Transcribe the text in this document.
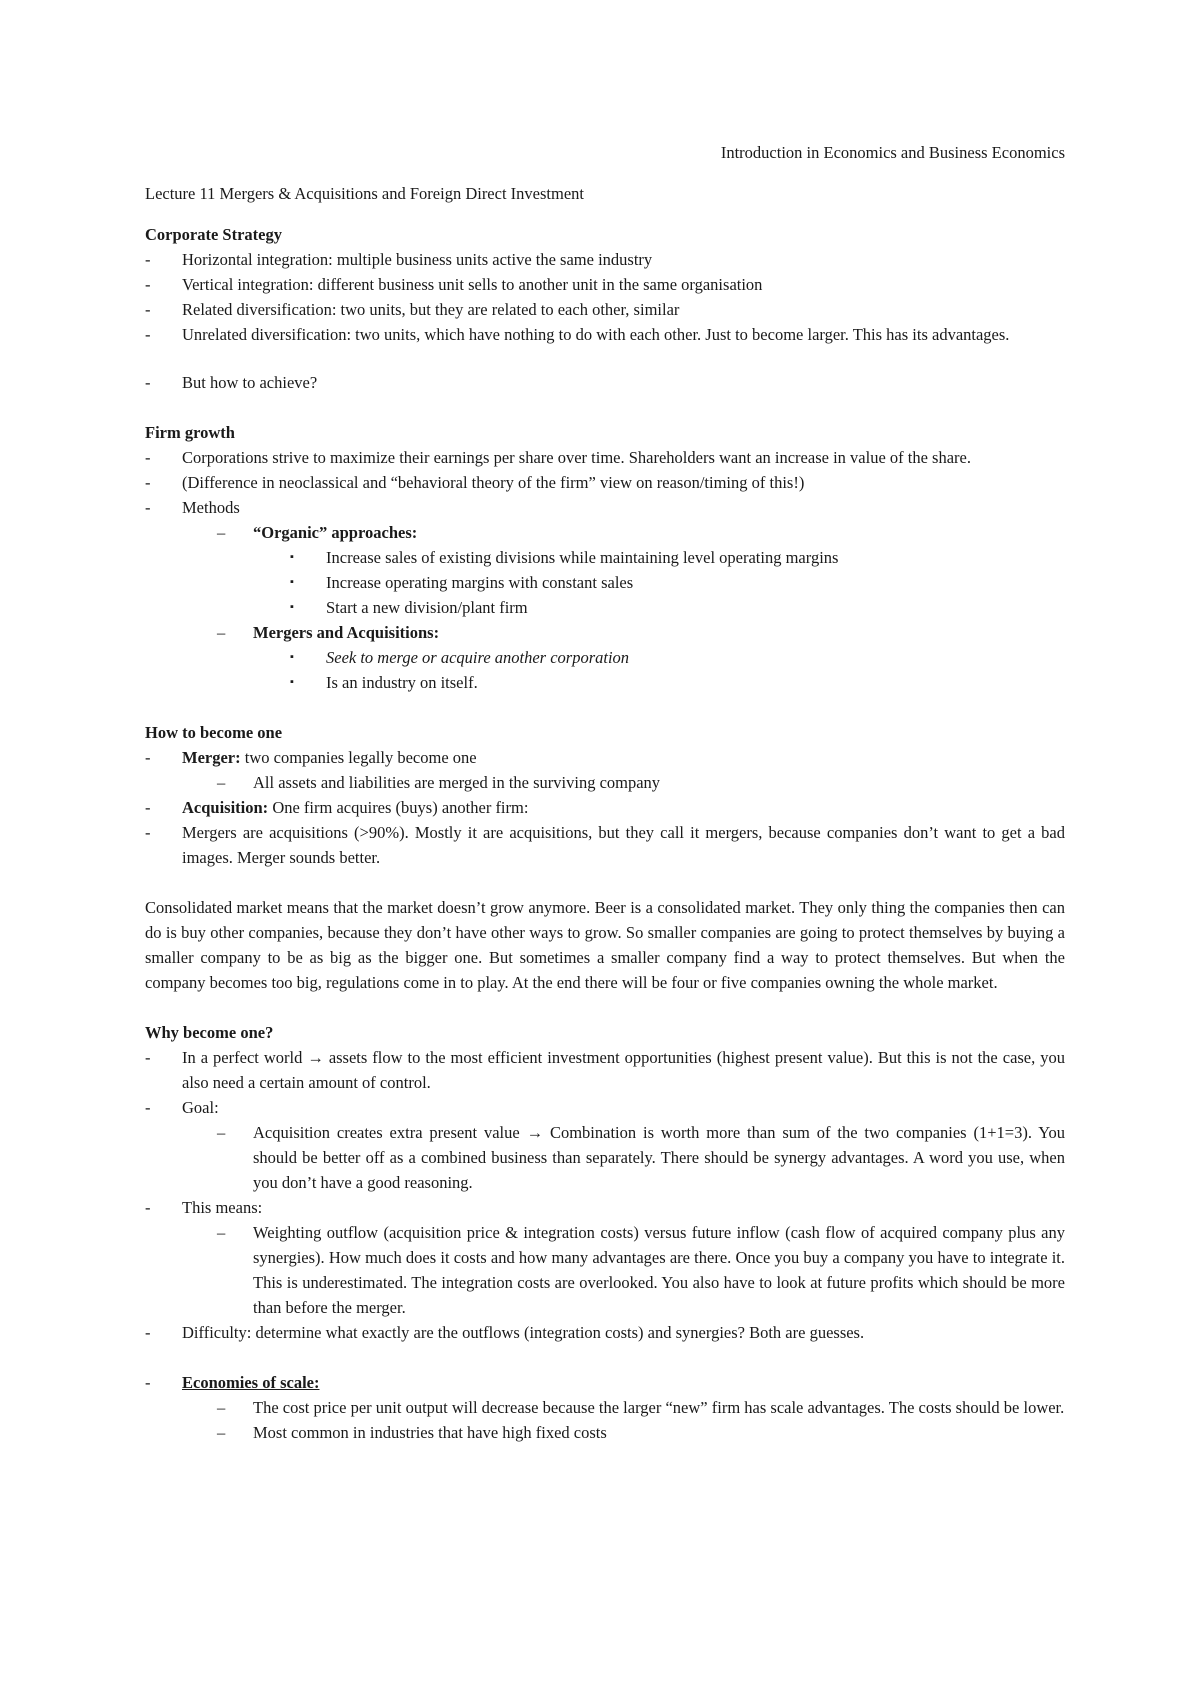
Introduction in Economics and Business Economics
Lecture 11 Mergers & Acquisitions and Foreign Direct Investment
Corporate Strategy
- Horizontal integration: multiple business units active the same industry
- Vertical integration: different business unit sells to another unit in the same organisation
- Related diversification: two units, but they are related to each other, similar
- Unrelated diversification: two units, which have nothing to do with each other. Just to become larger. This has its advantages.
- But how to achieve?
Firm growth
- Corporations strive to maximize their earnings per share over time. Shareholders want an increase in value of the share.
- (Difference in neoclassical and “behavioral theory of the firm” view on reason/timing of this!)
- Methods
– “Organic” approaches:
▪ Increase sales of existing divisions while maintaining level operating margins
▪ Increase operating margins with constant sales
▪ Start a new division/plant firm
– Mergers and Acquisitions:
▪ Seek to merge or acquire another corporation
▪ Is an industry on itself.
How to become one
- Merger: two companies legally become one
– All assets and liabilities are merged in the surviving company
- Acquisition: One firm acquires (buys) another firm:
- Mergers are acquisitions (>90%). Mostly it are acquisitions, but they call it mergers, because companies don’t want to get a bad images. Merger sounds better.
Consolidated market means that the market doesn’t grow anymore. Beer is a consolidated market. They only thing the companies then can do is buy other companies, because they don’t have other ways to grow. So smaller companies are going to protect themselves by buying a smaller company to be as big as the bigger one. But sometimes a smaller company find a way to protect themselves. But when the company becomes too big, regulations come in to play. At the end there will be four or five companies owning the whole market.
Why become one?
- In a perfect world → assets flow to the most efficient investment opportunities (highest present value). But this is not the case, you also need a certain amount of control.
- Goal:
– Acquisition creates extra present value → Combination is worth more than sum of the two companies (1+1=3). You should be better off as a combined business than separately. There should be synergy advantages. A word you use, when you don’t have a good reasoning.
- This means:
– Weighting outflow (acquisition price & integration costs) versus future inflow (cash flow of acquired company plus any synergies). How much does it costs and how many advantages are there. Once you buy a company you have to integrate it. This is underestimated. The integration costs are overlooked. You also have to look at future profits which should be more than before the merger.
- Difficulty: determine what exactly are the outflows (integration costs) and synergies? Both are guesses.
- Economies of scale:
– The cost price per unit output will decrease because the larger “new” firm has scale advantages. The costs should be lower.
– Most common in industries that have high fixed costs
